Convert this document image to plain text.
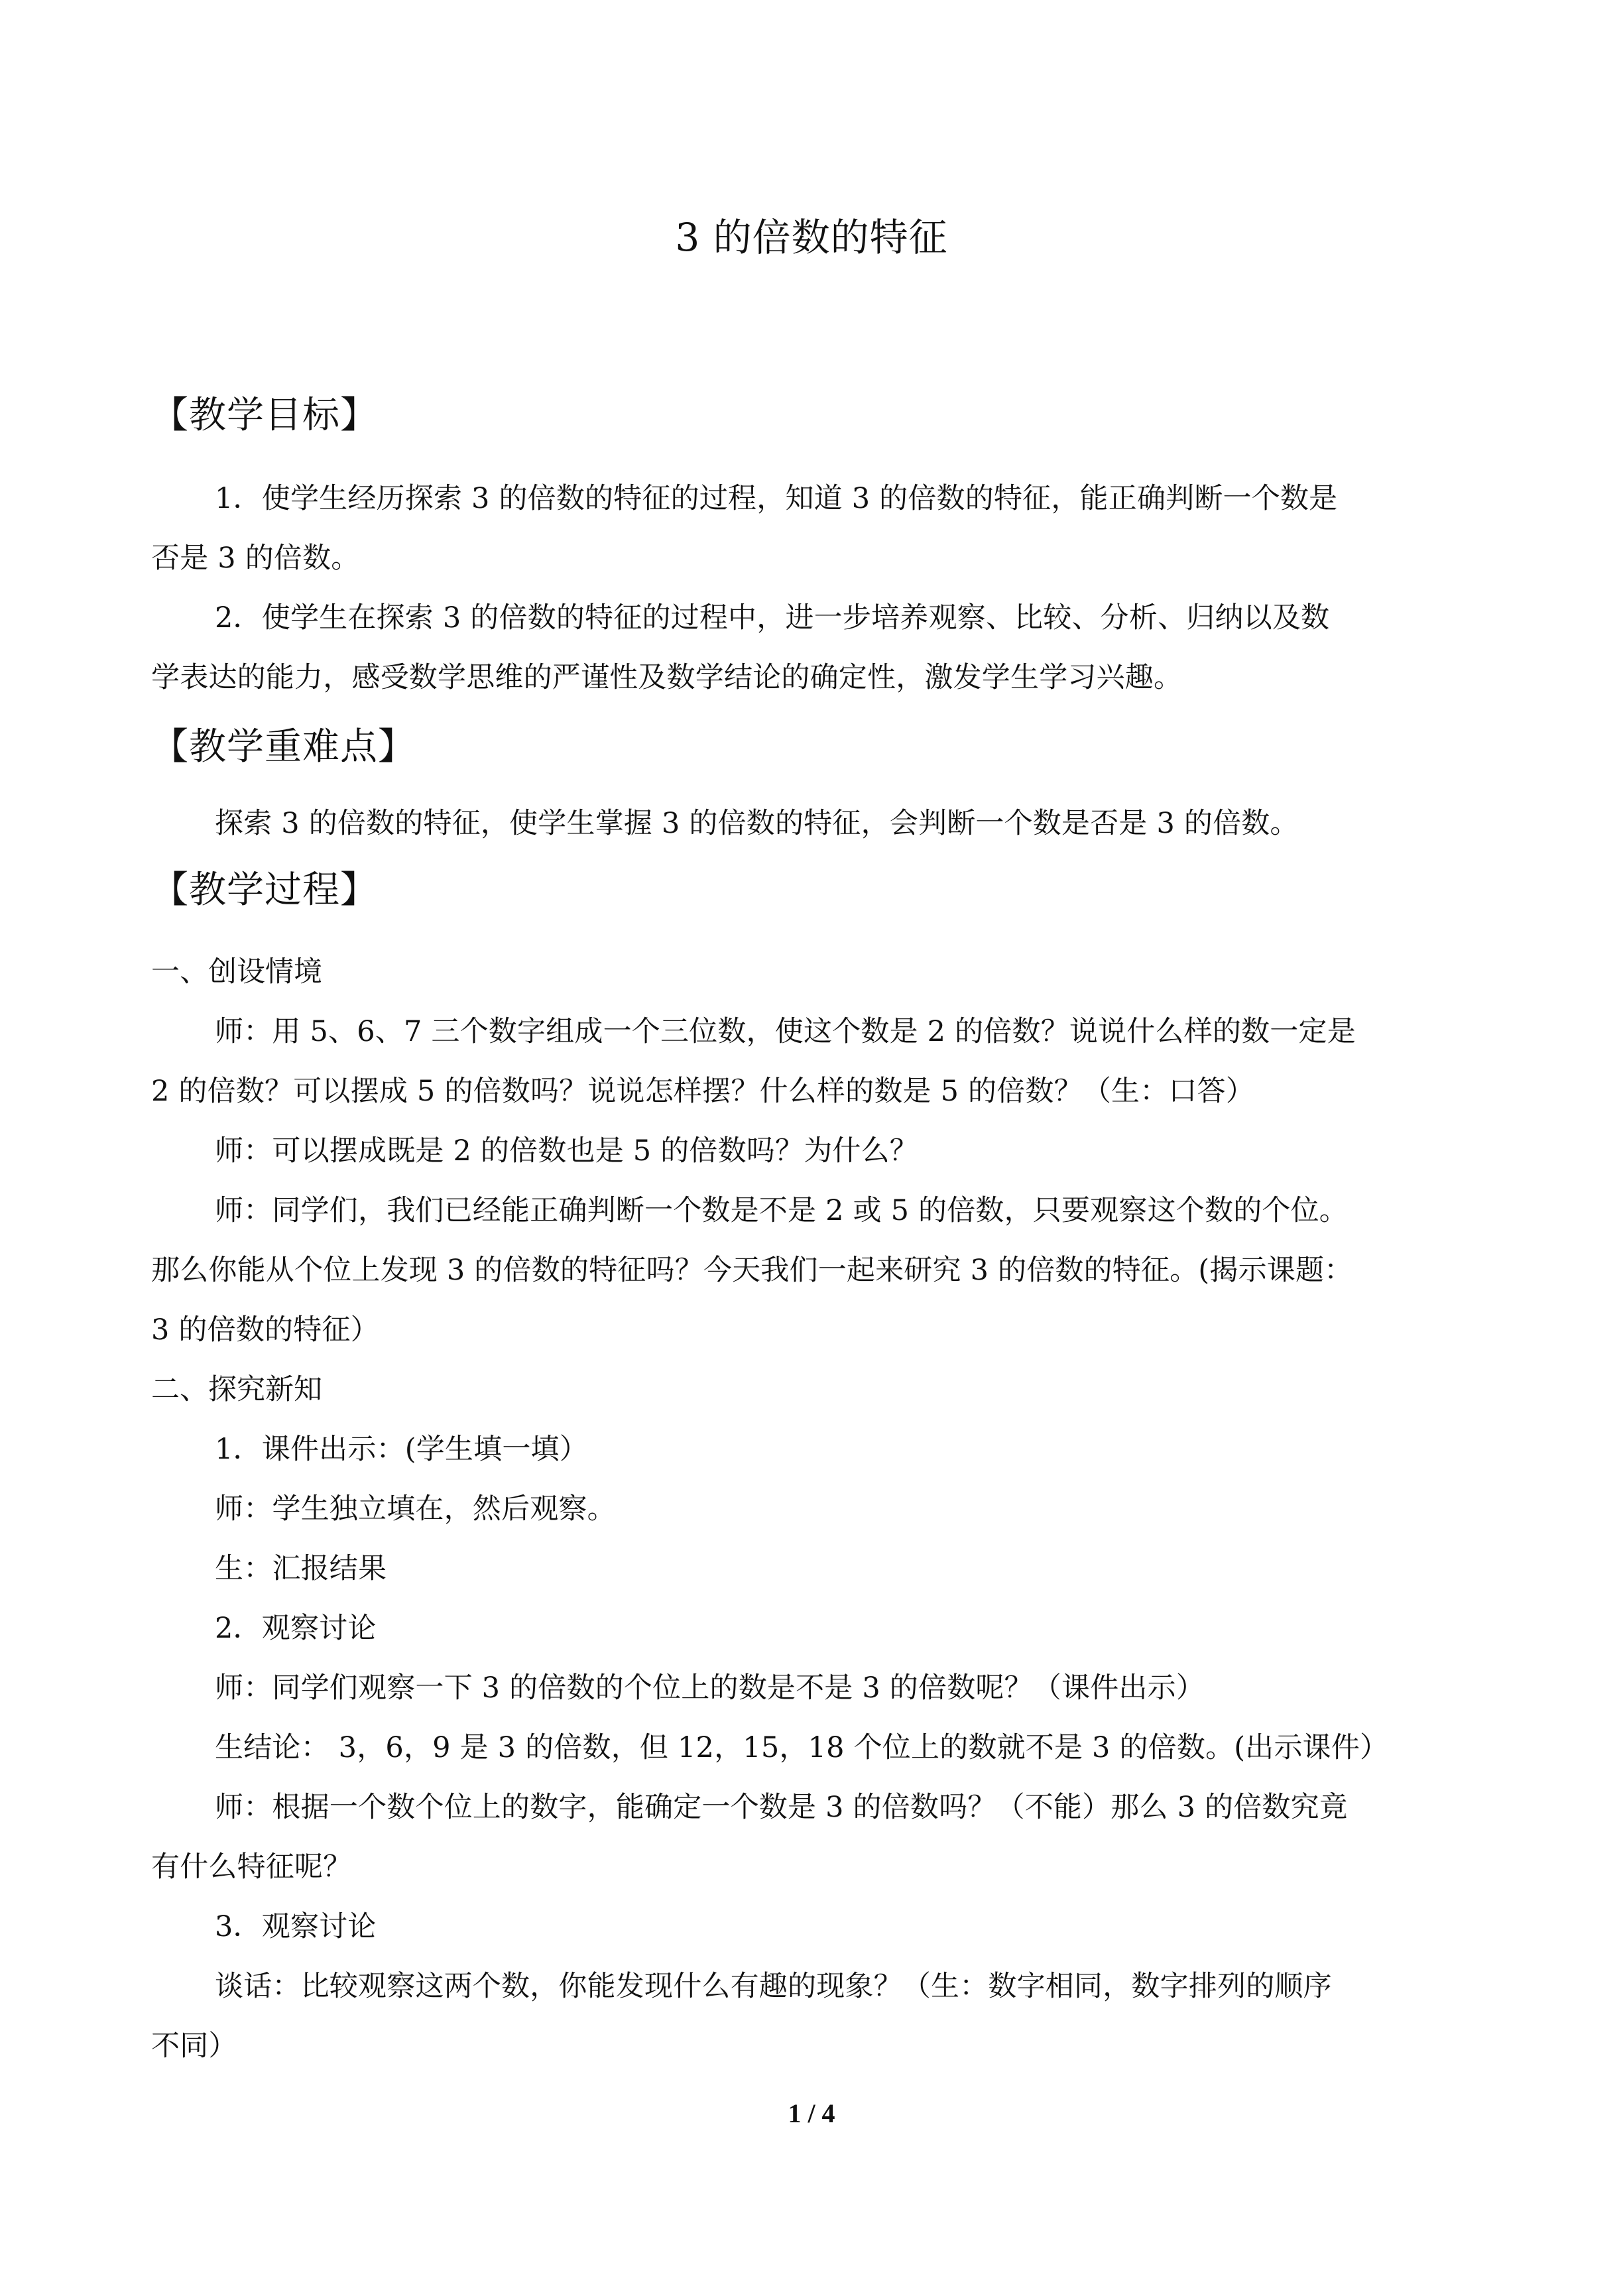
3 的倍数的特征
【教学目标】
1．使学生经历探索 3 的倍数的特征的过程，知道 3 的倍数的特征，能正确判断一个数是
否是 3 的倍数。
2．使学生在探索 3 的倍数的特征的过程中，进一步培养观察、比较、分析、归纳以及数
学表达的能力，感受数学思维的严谨性及数学结论的确定性，激发学生学习兴趣。
【教学重难点】
探索 3 的倍数的特征，使学生掌握 3 的倍数的特征，会判断一个数是否是 3 的倍数。
【教学过程】
一、创设情境
师：用 5、6、7 三个数字组成一个三位数，使这个数是 2 的倍数？说说什么样的数一定是
2 的倍数？可以摆成 5 的倍数吗？说说怎样摆？什么样的数是 5 的倍数？（生：口答）
师：可以摆成既是 2 的倍数也是 5 的倍数吗？为什么？
师：同学们，我们已经能正确判断一个数是不是 2 或 5 的倍数，只要观察这个数的个位。
那么你能从个位上发现 3 的倍数的特征吗？今天我们一起来研究 3 的倍数的特征。(揭示课题：
3 的倍数的特征）
二、探究新知
1．课件出示：(学生填一填）
师：学生独立填在，然后观察。
生：汇报结果
2．观察讨论
师：同学们观察一下 3 的倍数的个位上的数是不是 3 的倍数呢？（课件出示）
生结论： 3，6，9 是 3 的倍数，但 12，15，18 个位上的数就不是 3 的倍数。(出示课件）
师：根据一个数个位上的数字，能确定一个数是 3 的倍数吗？（不能）那么 3 的倍数究竟
有什么特征呢？
3．观察讨论
谈话：比较观察这两个数，你能发现什么有趣的现象？（生：数字相同，数字排列的顺序
不同）
1 / 4
